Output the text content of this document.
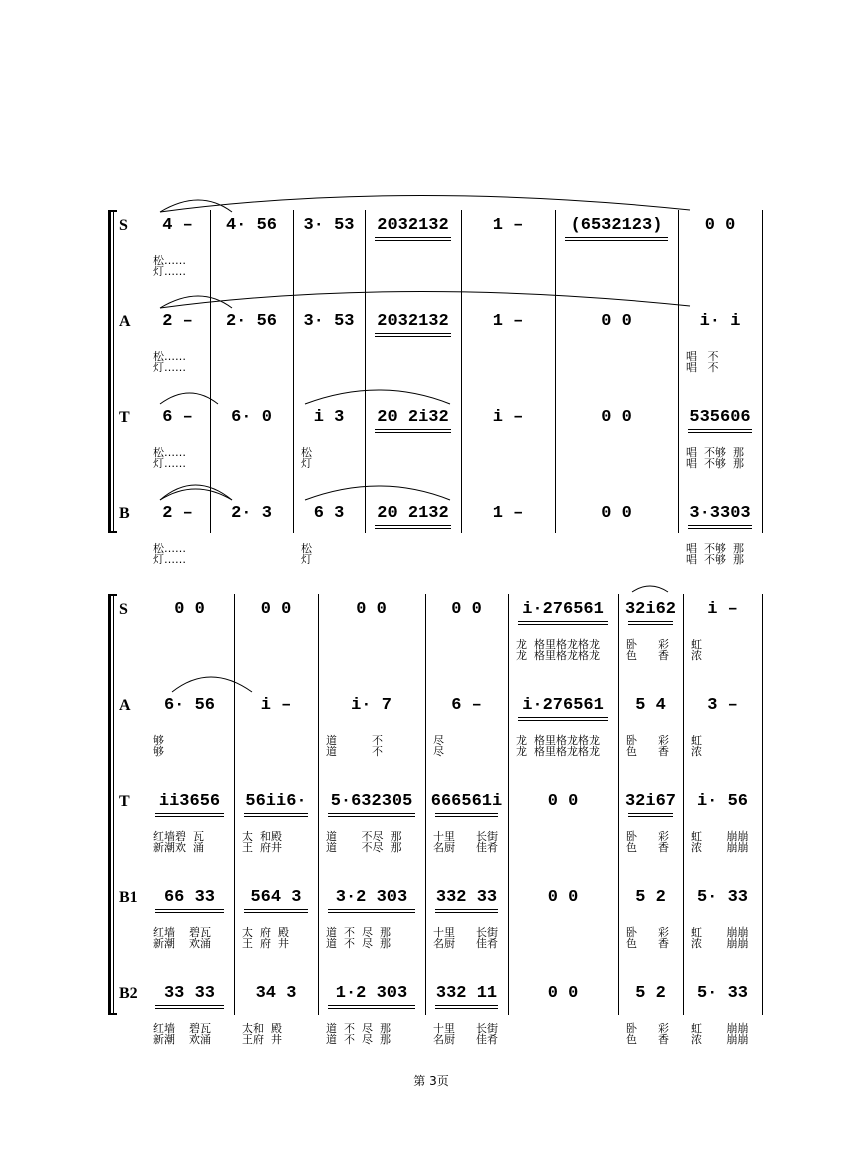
第 3页
S	4 –	4· 56	3· 53	2032132	1 –	(6532123)	0 0
松……
灯……
A	2 –	2· 56	3· 53	2032132	1 –	0 0	i· i
松……
灯……
唱   不
唱   不
T	6 –	6· 0	i 3	20 2i32	i –	0 0	535606
松……
灯……
松
灯
唱  不够  那
唱  不够  那
B	2 –	2· 3	6 3	20 2132	1 –	0 0	3·3303
松……
灯……
松
灯
唱  不够  那
唱  不够  那
S	0 0	0 0	0 0	0 0	i·276561	32i62	i –
龙  格里格龙格龙
龙  格里格龙格龙
卧      彩
色      香
虹
浓
A	6· 56	i –	i· 7	6 –	i·276561	5 4	3 –
够
够
道          不
道          不
尽
尽
龙  格里格龙格龙
龙  格里格龙格龙
卧      彩
色      香
虹
浓
T	ii3656	56ii6·	5·632305	666561i	0 0	32i67	i· 56
红墙碧  瓦
新潮欢  涌
太  和殿
王  府井
道       不尽  那
道       不尽  那
十里      长街
名厨      佳肴
卧      彩
色      香
虹       崩崩
浓       崩崩
B1	66 33	564 3	3·2 303	332 33	0 0	5 2	5· 33
红墙    碧瓦
新潮    欢涌
太  府  殿
王  府  井
道  不  尽  那
道  不  尽  那
十里      长街
名厨      佳肴
卧      彩
色      香
虹       崩崩
浓       崩崩
B2	33 33	34 3	1·2 303	332 11	0 0	5 2	5· 33
红墙    碧瓦
新潮    欢涌
太和  殿
王府  井
道  不  尽  那
道  不  尽  那
十里      长街
名厨      佳肴
卧      彩
色      香
虹       崩崩
浓       崩崩
